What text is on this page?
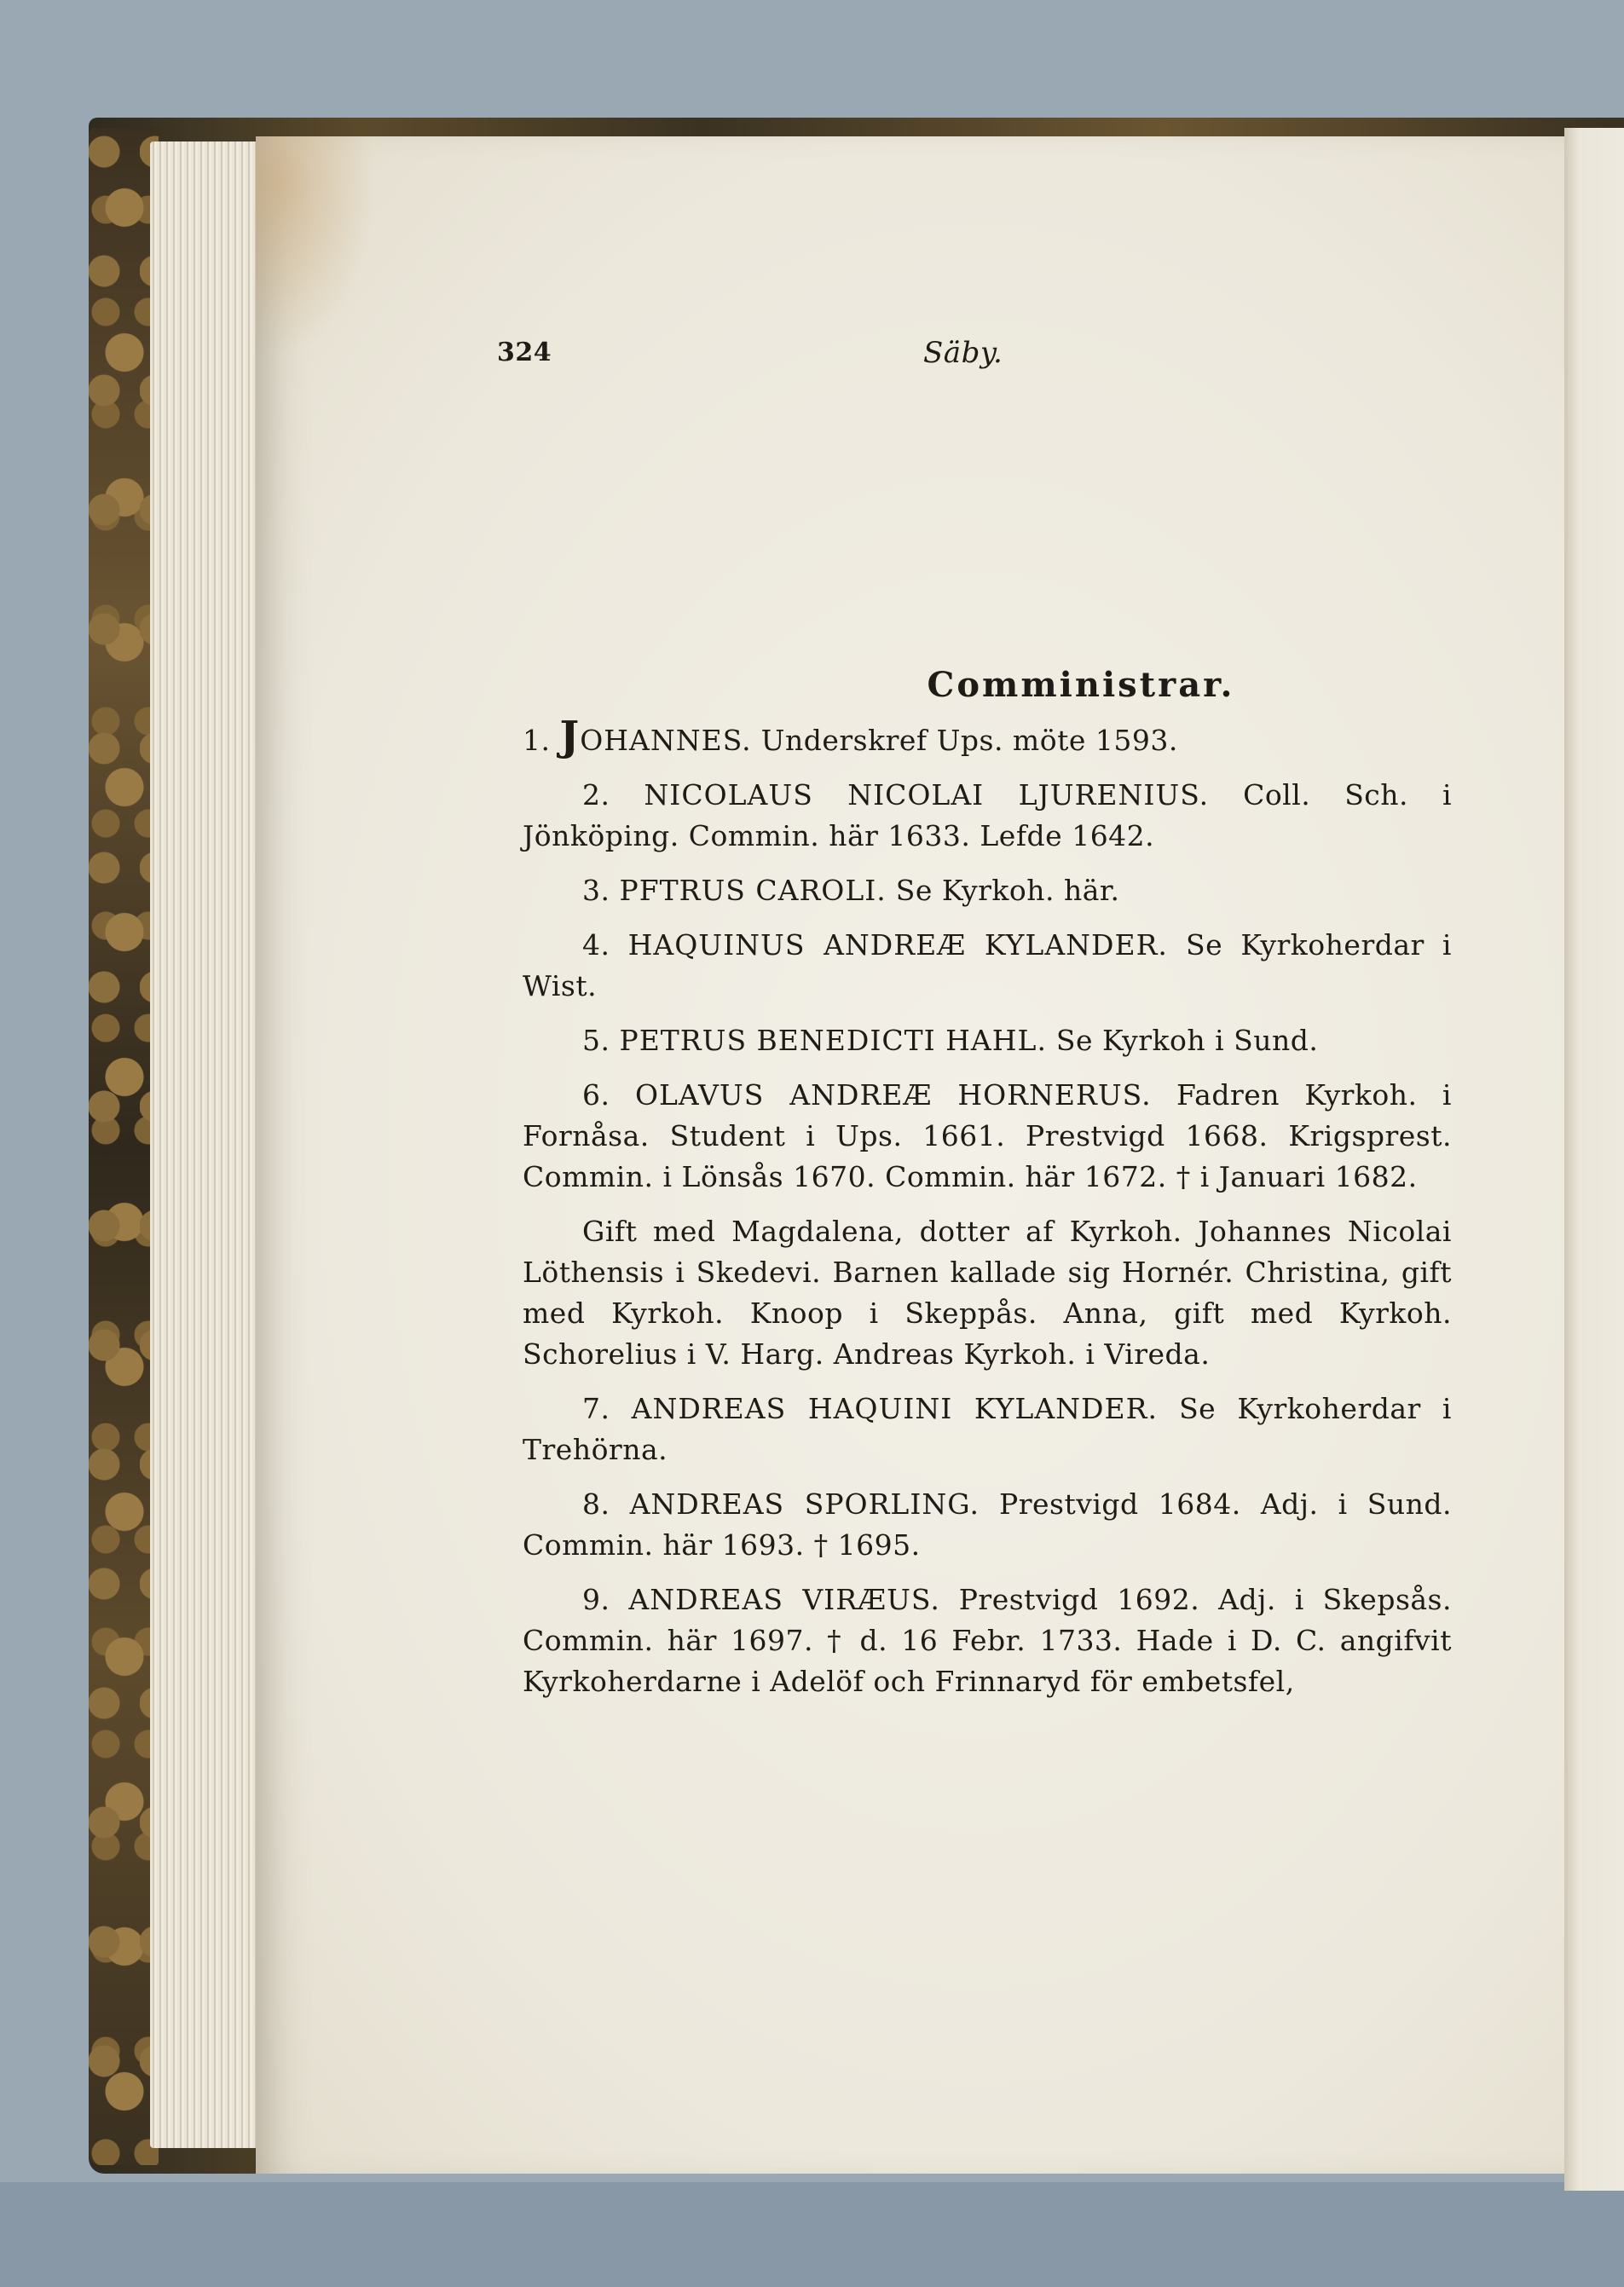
324	Säby.
Comministrar.

1. JOHANNES. Underskref Ups. möte 1593.

2. NICOLAUS NICOLAI LJURENIUS. Coll. Sch. i Jönköping. Commin. här 1633. Lefde 1642.

3. PFTRUS CAROLI. Se Kyrkoh. här.

4. HAQUINUS ANDREÆ KYLANDER. Se Kyrkoherdar i Wist.

5. PETRUS BENEDICTI HAHL. Se Kyrkoh i Sund.

6. OLAVUS ANDREÆ HORNERUS. Fadren Kyrkoh. i Fornåsa. Student i Ups. 1661. Prestvigd 1668. Krigsprest. Commin. i Lönsås 1670. Commin. här 1672. † i Januari 1682.

Gift med Magdalena, dotter af Kyrkoh. Johannes Nicolai Löthensis i Skedevi. Barnen kallade sig Hornér. Christina, gift med Kyrkoh. Knoop i Skeppås. Anna, gift med Kyrkoh. Schorelius i V. Harg. Andreas Kyrkoh. i Vireda.

7. ANDREAS HAQUINI KYLANDER. Se Kyrkoherdar i Trehörna.

8. ANDREAS SPORLING. Prestvigd 1684. Adj. i Sund. Commin. här 1693. † 1695.

9. ANDREAS VIRÆUS. Prestvigd 1692. Adj. i Skepsås. Commin. här 1697. † d. 16 Febr. 1733. Hade i D. C. angifvit Kyrkoherdarne i Adelöf och Frinnaryd för embetsfel,
